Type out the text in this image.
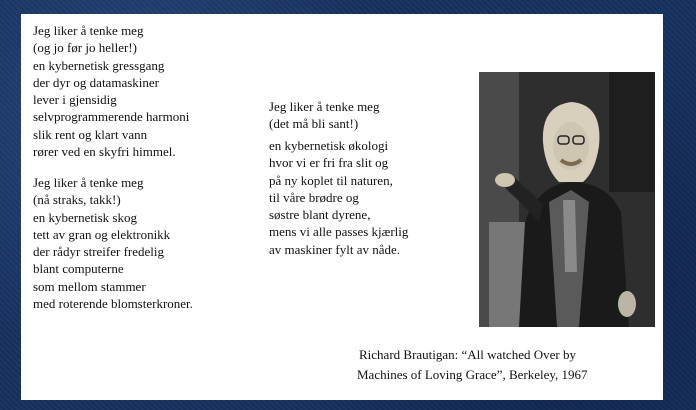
Jeg liker å tenke meg
(og jo før jo heller!)
en kybernetisk gressgang
der dyr og datamaskiner
lever i gjensidig
selvprogrammerende harmoni
slik rent og klart vann
rører ved en skyfri himmel.
Jeg liker å tenke meg
(nå straks, takk!)
en kybernetisk skog
tett av gran og elektronikk
der rådyr streifer fredelig
blant computerne
som mellom stammer
med roterende blomsterkroner.
Jeg liker å tenke meg
(det må bli sant!)
en kybernetisk økologi
hvor vi er fri fra slit og
på ny koplet til naturen,
til våre brødre og
søstre blant dyrene,
mens vi alle passes kjærlig
av maskiner fylt av nåde.
Richard Brautigan: “All watched Over by
Machines of Loving Grace”, Berkeley, 1967
